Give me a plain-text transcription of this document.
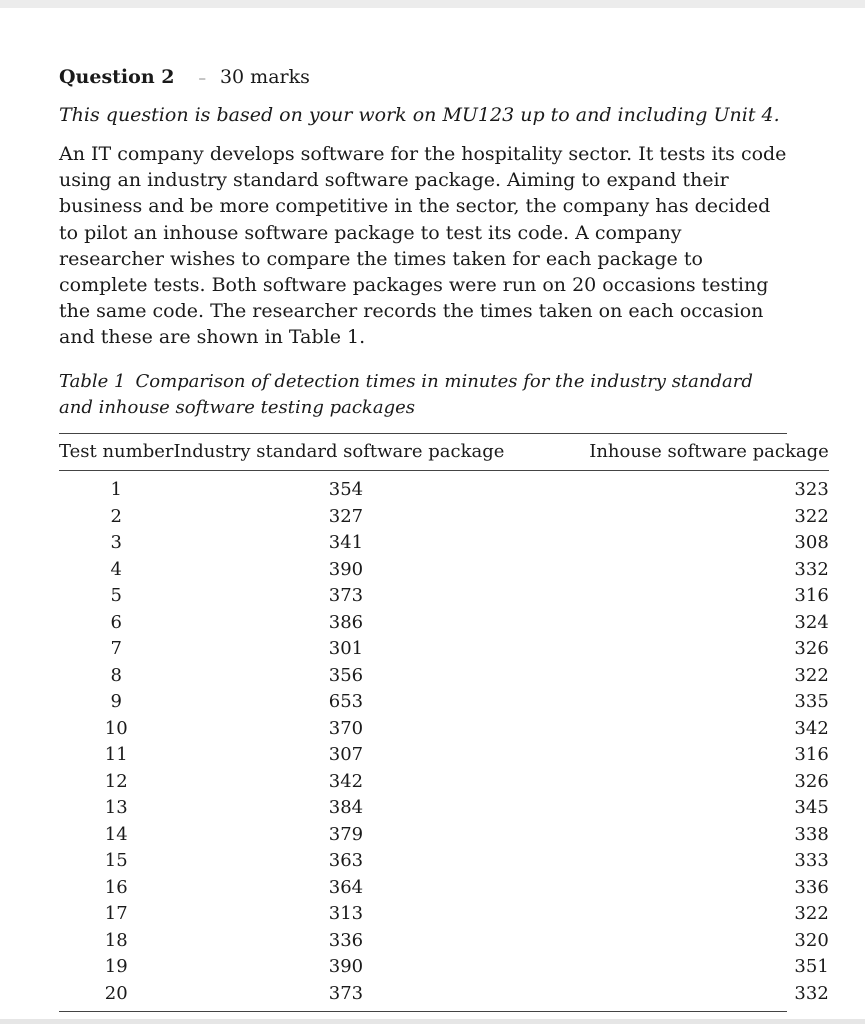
Question 2 – 30 marks
This question is based on your work on MU123 up to and including Unit 4.
An IT company develops software for the hospitality sector. It tests its code using an industry standard software package. Aiming to expand their business and be more competitive in the sector, the company has decided to pilot an inhouse software package to test its code. A company researcher wishes to compare the times taken for each package to complete tests. Both software packages were run on 20 occasions testing the same code. The researcher records the times taken on each occasion and these are shown in Table 1.
Table 1 Comparison of detection times in minutes for the industry standard and inhouse software testing packages
Test number	Industry standard software package	Inhouse software package

1	354	323
2	327	322
3	341	308
4	390	332
5	373	316
6	386	324
7	301	326
8	356	322
9	653	335
10	370	342
11	307	316
12	342	326
13	384	345
14	379	338
15	363	333
16	364	336
17	313	322
18	336	320
19	390	351
20	373	332
